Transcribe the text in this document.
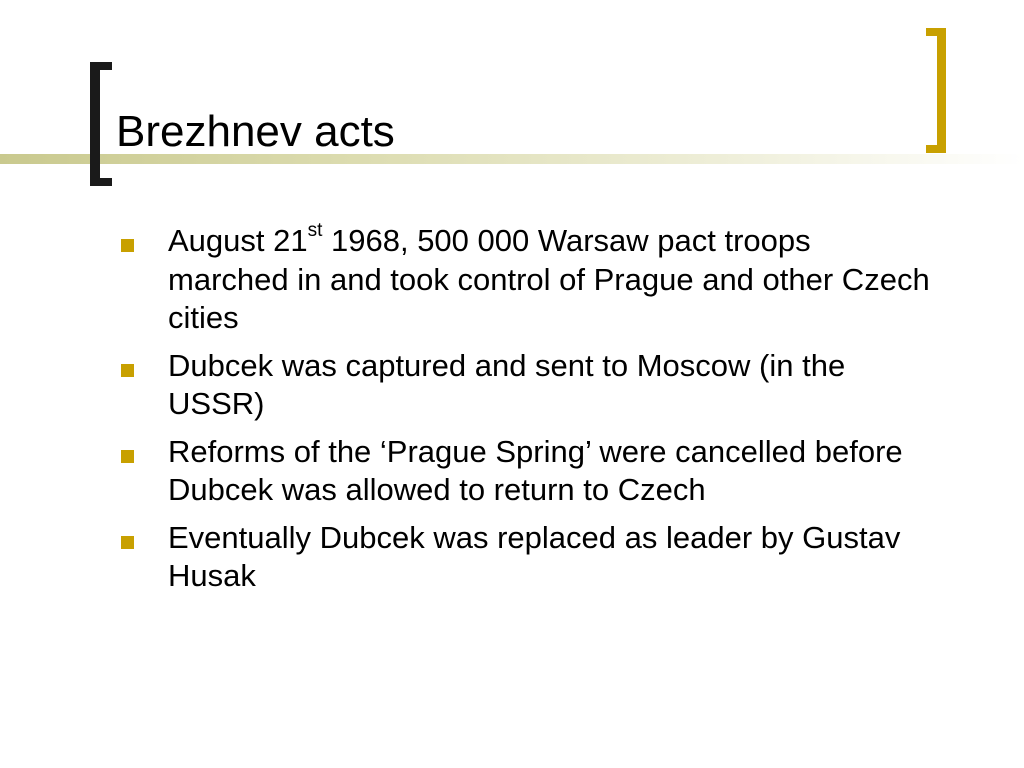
Brezhnev acts
August 21st 1968, 500 000 Warsaw pact troops marched in and took control of Prague and other Czech cities
Dubcek was captured and sent to Moscow (in the USSR)
Reforms of the ‘Prague Spring’ were cancelled before Dubcek was allowed to return to Czech
Eventually Dubcek was replaced as leader by Gustav Husak
